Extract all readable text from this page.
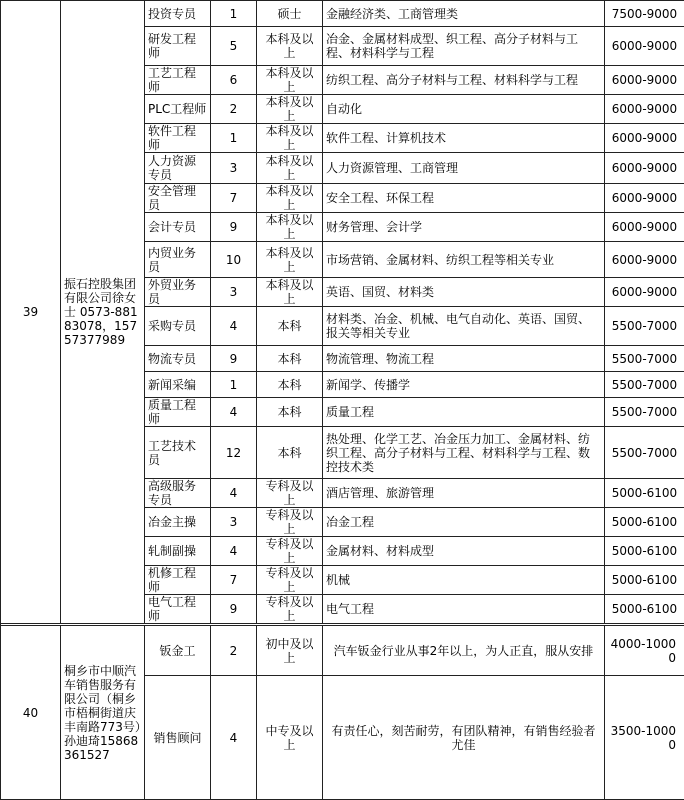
39	振石控股集团有限公司徐女士 0573-88183078，15757377989	投资专员	1	硕士	金融经济类、工商管理类	7500-9000

		研发工程师	5	本科及以上	冶金、金属材料成型、织工程、高分子材料与工程、材料科学与工程	6000-9000

		工艺工程师	6	本科及以上	纺织工程、高分子材料与工程、材料科学与工程	6000-9000

		PLC工程师	2	本科及以上	自动化	6000-9000

		软件工程师	1	本科及以上	软件工程、计算机技术	6000-9000

		人力资源专员	3	本科及以上	人力资源管理、工商管理	6000-9000

		安全管理员	7	本科及以上	安全工程、环保工程	6000-9000

		会计专员	9	本科及以上	财务管理、会计学	6000-9000

		内贸业务员	10	本科及以上	市场营销、金属材料、纺织工程等相关专业	6000-9000

		外贸业务员	3	本科及以上	英语、国贸、材料类	6000-9000

		采购专员	4	本科	材料类、冶金、机械、电气自动化、英语、国贸、报关等相关专业	5500-7000

		物流专员	9	本科	物流管理、物流工程	5500-7000

		新闻采编	1	本科	新闻学、传播学	5500-7000

		质量工程师	4	本科	质量工程	5500-7000

		工艺技术员	12	本科	热处理、化学工艺、冶金压力加工、金属材料、纺织工程、高分子材料与工程、材料科学与工程、数控技术类	5500-7000

		高级服务专员	4	专科及以上	酒店管理、旅游管理	5000-6100

		冶金主操	3	专科及以上	冶金工程	5000-6100

		轧制副操	4	专科及以上	金属材料、材料成型	5000-6100

		机修工程师	7	专科及以上	机械	5000-6100

		电气工程师	9	专科及以上	电气工程	5000-6100

40	桐乡市中顺汽车销售服务有限公司（桐乡市梧桐街道庆丰南路773号）孙迪琦15868361527	钣金工	2	初中及以上	汽车钣金行业从事2年以上，为人正直，服从安排	4000-10000
		销售顾问	4	中专及以上	有责任心，刻苦耐劳，有团队精神，有销售经验者尤佳	3500-10000
